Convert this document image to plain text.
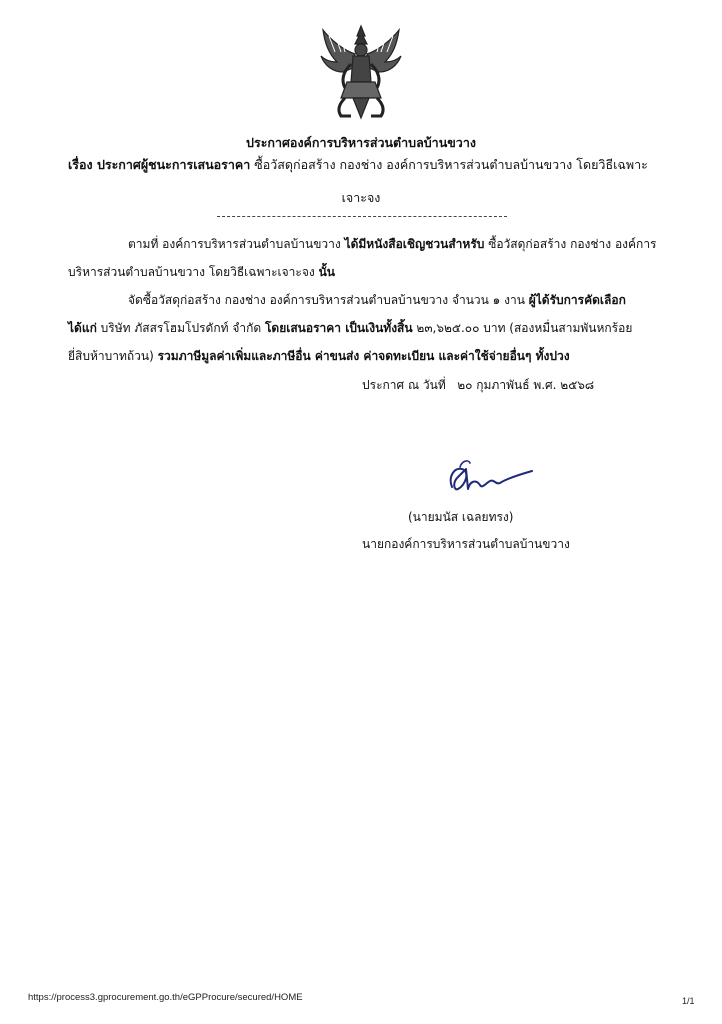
ประกาศองค์การบริหารส่วนตำบลบ้านขวาง
เรื่อง ประกาศผู้ชนะการเสนอราคา ซื้อวัสดุก่อสร้าง กองช่าง องค์การบริหารส่วนตำบลบ้านขวาง โดยวิธีเฉพาะ
เจาะจง
ตามที่ องค์การบริหารส่วนตำบลบ้านขวาง ได้มีหนังสือเชิญชวนสำหรับ ซื้อวัสดุก่อสร้าง กองช่าง องค์การ
บริหารส่วนตำบลบ้านขวาง โดยวิธีเฉพาะเจาะจง นั้น
จัดซื้อวัสดุก่อสร้าง กองช่าง องค์การบริหารส่วนตำบลบ้านขวาง จำนวน ๑ งาน ผู้ได้รับการคัดเลือก
ได้แก่ บริษัท ภัสสรโฮมโปรดักท์ จำกัด โดยเสนอราคา เป็นเงินทั้งสิ้น ๒๓,๖๒๕.๐๐ บาท (สองหมื่นสามพันหกร้อย
ยี่สิบห้าบาทถ้วน) รวมภาษีมูลค่าเพิ่มและภาษีอื่น ค่าขนส่ง ค่าจดทะเบียน และค่าใช้จ่ายอื่นๆ ทั้งปวง
ประกาศ ณ วันที่ ๒๐ กุมภาพันธ์ พ.ศ. ๒๕๖๘
(นายมนัส เฉลยทรง)
นายกองค์การบริหารส่วนตำบลบ้านขวาง
https://process3.gprocurement.go.th/eGPProcure/secured/HOME	1/1
